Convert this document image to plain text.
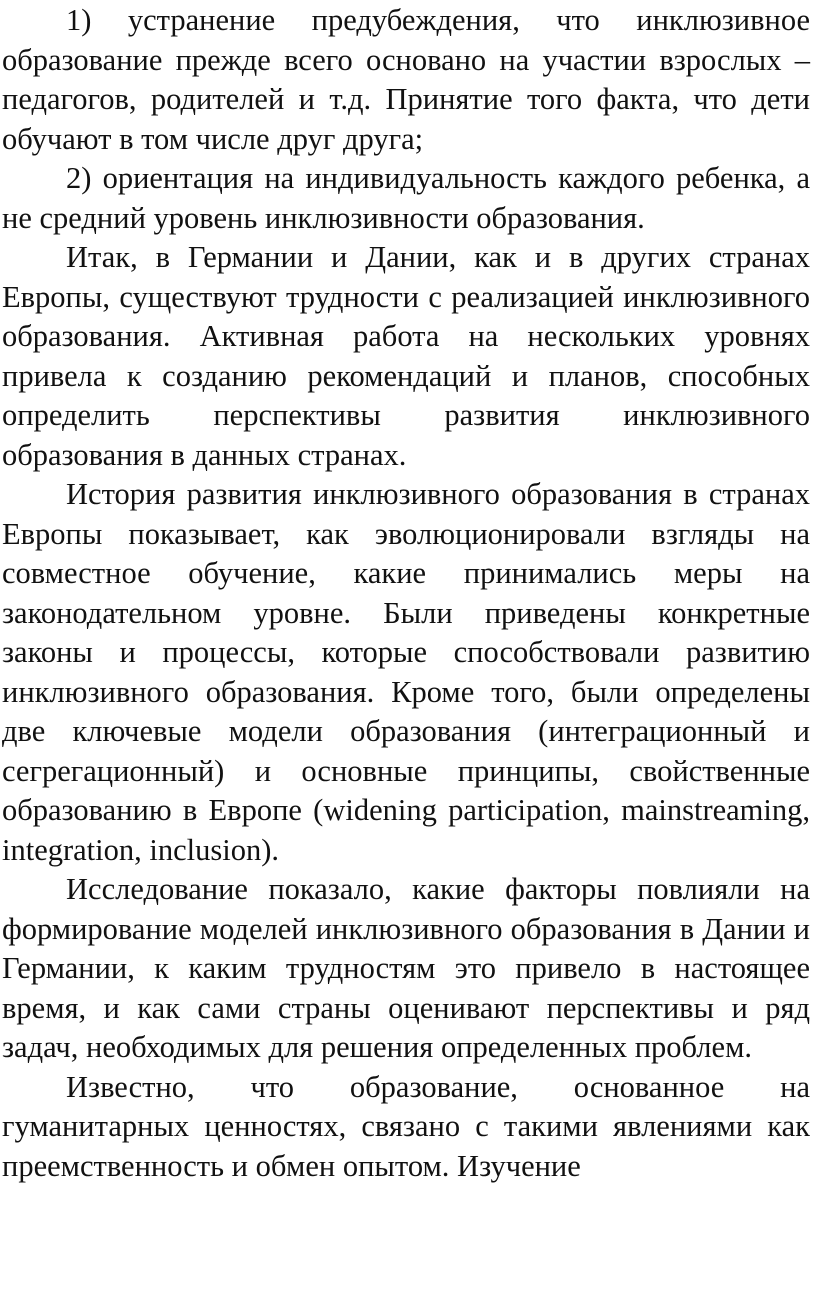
1) устранение предубеждения, что инклюзивное образование прежде всего основано на участии взрослых – педагогов, родителей и т.д. Принятие того факта, что дети обучают в том числе друг друга;

2) ориентация на индивидуальность каждого ребенка, а не средний уровень инклюзивности образования.

Итак, в Германии и Дании, как и в других странах Европы, существуют трудности с реализацией инклюзивного образования. Активная работа на нескольких уровнях привела к созданию рекомендаций и планов, способных определить перспективы развития инклюзивного образования в данных странах.

История развития инклюзивного образования в странах Европы показывает, как эволюционировали взгляды на совместное обучение, какие принимались меры на законодательном уровне. Были приведены конкретные законы и процессы, которые способствовали развитию инклюзивного образования. Кроме того, были определены две ключевые модели образования (интеграционный и сегрегационный) и основные принципы, свойственные образованию в Европе (widening participation, mainstreaming, integration, inclusion).

Исследование показало, какие факторы повлияли на формирование моделей инклюзивного образования в Дании и Германии, к каким трудностям это привело в настоящее время, и как сами страны оценивают перспективы и ряд задач, необходимых для решения определенных проблем.

Известно, что образование, основанное на гуманитарных ценностях, связано с такими явлениями как преемственность и обмен опытом. Изучение
